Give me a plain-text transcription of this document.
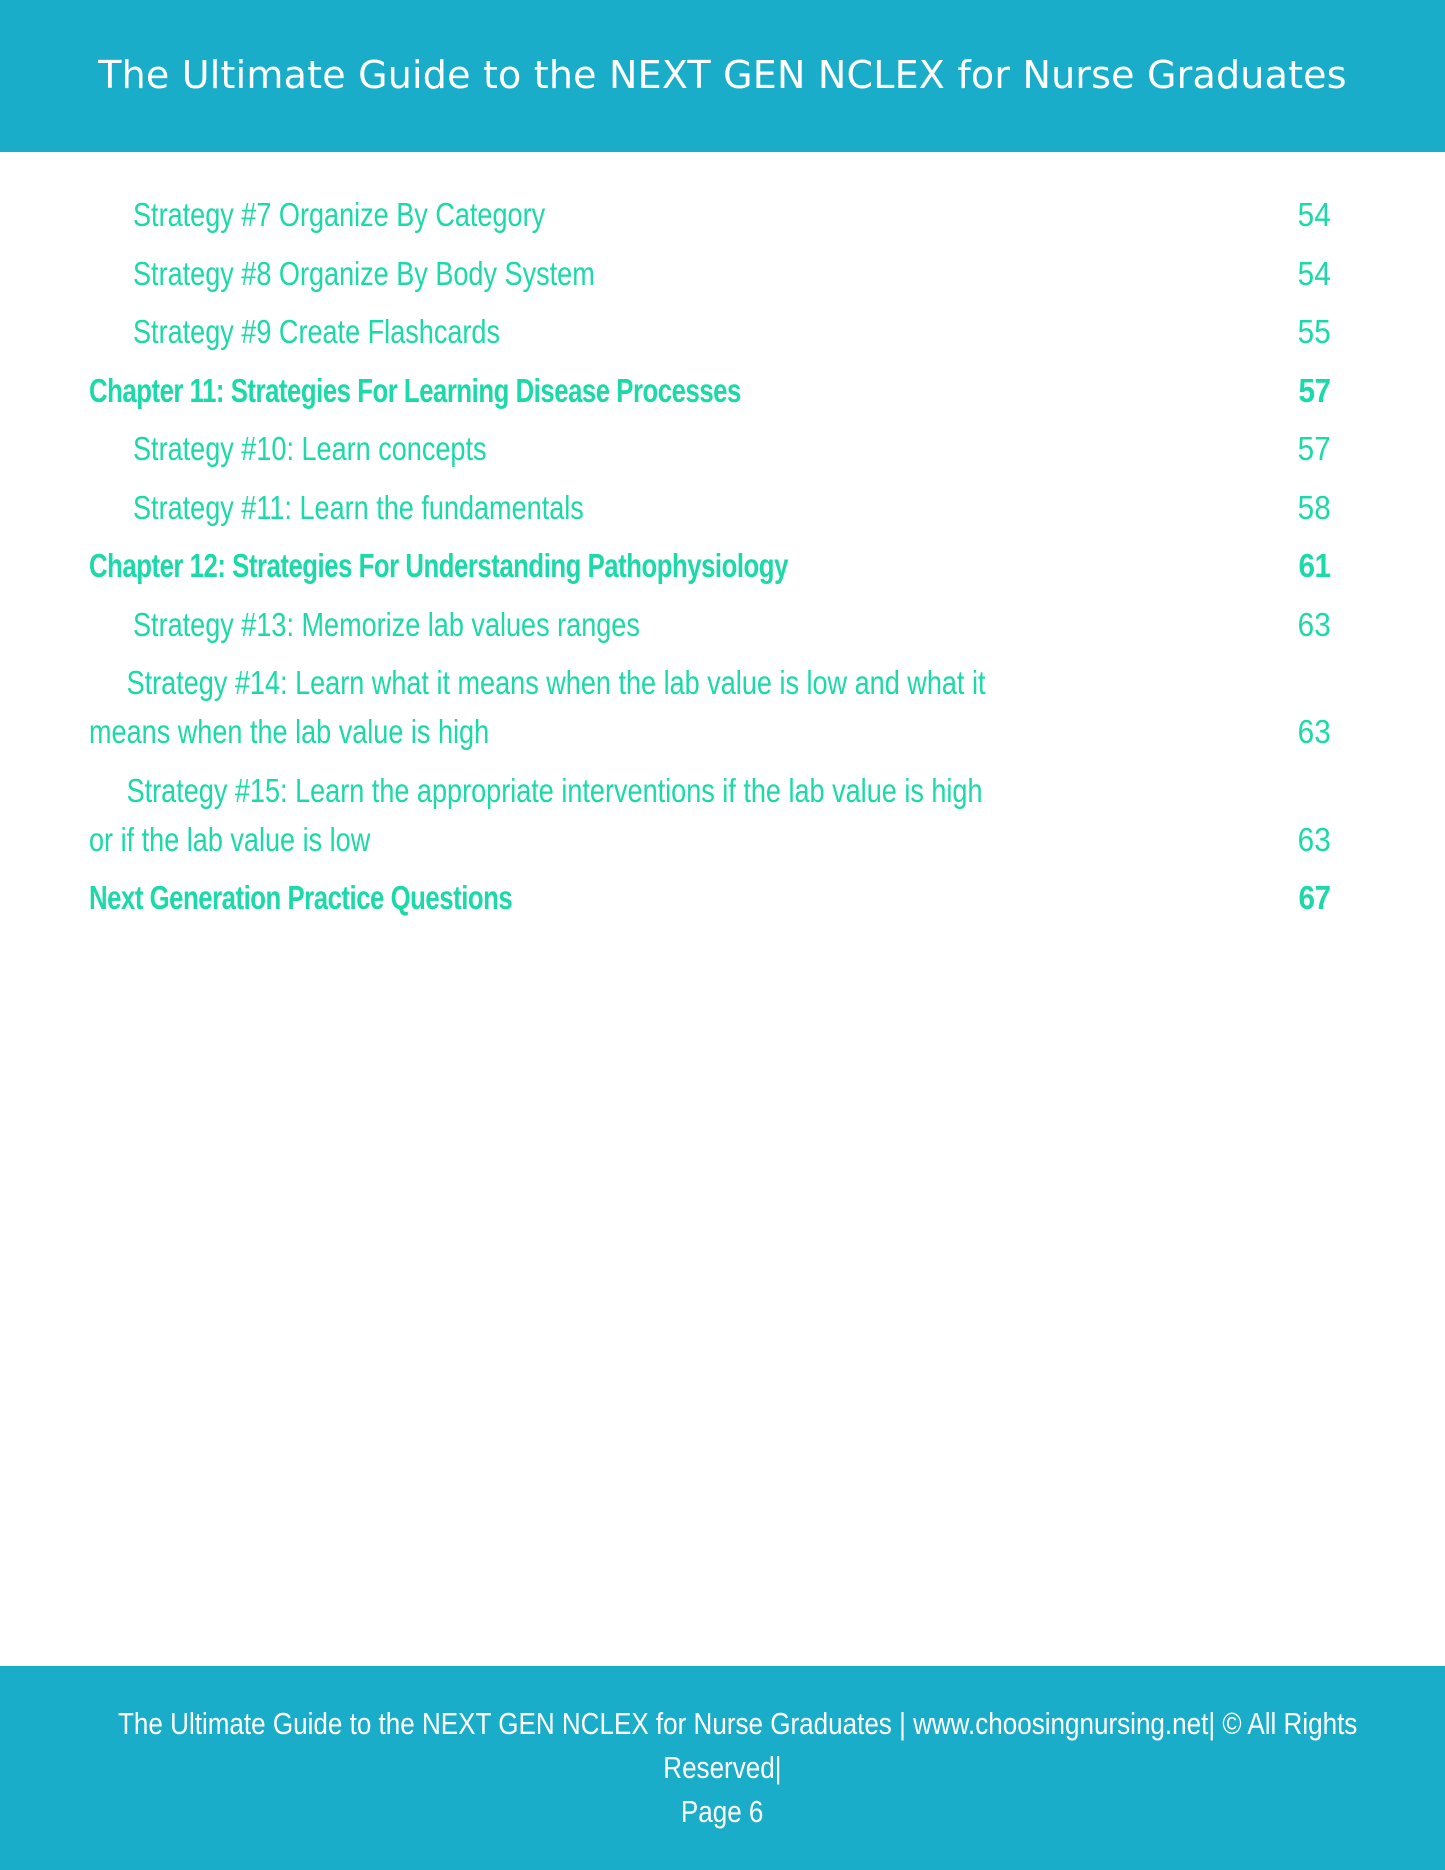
The Ultimate Guide to the NEXT GEN NCLEX for Nurse Graduates
Strategy #7 Organize By Category	54
Strategy #8 Organize By Body System	54
Strategy #9 Create Flashcards	55
Chapter 11: Strategies For Learning Disease Processes	57
Strategy #10: Learn concepts	57
Strategy #11: Learn the fundamentals	58
Chapter 12: Strategies For Understanding Pathophysiology	61
Strategy #13: Memorize lab values ranges	63
Strategy #14: Learn what it means when the lab value is low and what it
means when the lab value is high	63
Strategy #15: Learn the appropriate interventions if the lab value is high
or if the lab value is low	63
Next Generation Practice Questions	67
The Ultimate Guide to the NEXT GEN NCLEX for Nurse Graduates | www.choosingnursing.net| © All Rights
Reserved|
Page 6
